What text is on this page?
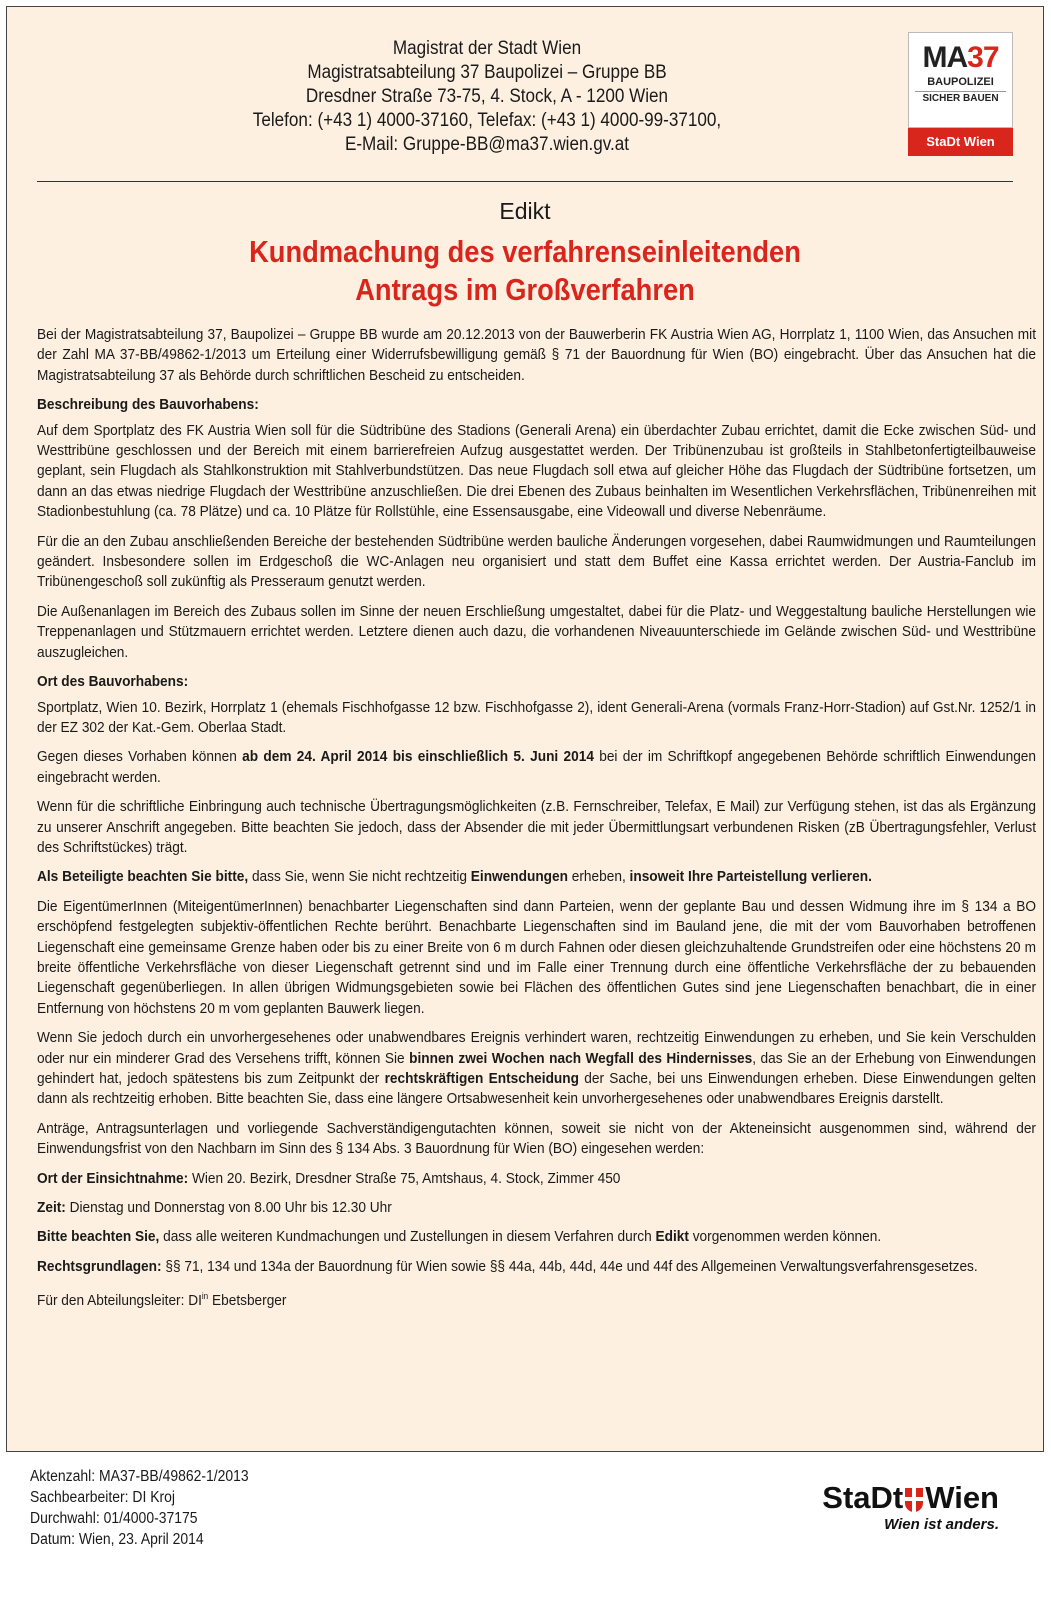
Magistrat der Stadt Wien
Magistratsabteilung 37 Baupolizei – Gruppe BB
Dresdner Straße 73-75, 4. Stock, A - 1200 Wien
Telefon: (+43 1) 4000-37160, Telefax: (+43 1) 4000-99-37100,
E-Mail: Gruppe-BB@ma37.wien.gv.at
MA37
BAUPOLIZEI
SICHER BAUEN
StaDt Wien
Edikt
Kundmachung des verfahrenseinleitenden
Antrags im Großverfahren

Bei der Magistratsabteilung 37, Baupolizei – Gruppe BB wurde am 20.12.2013 von der Bauwerberin FK Austria Wien AG, Horrplatz 1, 1100 Wien, das Ansuchen mit der Zahl MA 37-BB/49862-1/2013 um Erteilung einer Widerrufsbewilligung gemäß § 71 der Bauordnung für Wien (BO) eingebracht. Über das Ansuchen hat die Magistratsabteilung 37 als Behörde durch schriftlichen Bescheid zu entscheiden.

Beschreibung des Bauvorhabens:

Auf dem Sportplatz des FK Austria Wien soll für die Südtribüne des Stadions (Generali Arena) ein überdachter Zubau errichtet, damit die Ecke zwischen Süd- und Westtribüne geschlossen und der Bereich mit einem barrierefreien Aufzug ausgestattet werden. Der Tribünenzubau ist großteils in Stahlbetonfertigteilbauweise geplant, sein Flugdach als Stahlkonstruktion mit Stahlverbundstützen. Das neue Flugdach soll etwa auf gleicher Höhe das Flugdach der Südtribüne fortsetzen, um dann an das etwas niedrige Flugdach der Westtribüne anzuschließen. Die drei Ebenen des Zubaus beinhalten im Wesentlichen Verkehrsflächen, Tribünenreihen mit Stadionbestuhlung (ca. 78 Plätze) und ca. 10 Plätze für Rollstühle, eine Essensausgabe, eine Videowall und diverse Nebenräume.

Für die an den Zubau anschließenden Bereiche der bestehenden Südtribüne werden bauliche Änderungen vorgesehen, dabei Raumwidmungen und Raumteilungen geändert. Insbesondere sollen im Erdgeschoß die WC-Anlagen neu organisiert und statt dem Buffet eine Kassa errichtet werden. Der Austria-Fanclub im Tribünengeschoß soll zukünftig als Presseraum genutzt werden.

Die Außenanlagen im Bereich des Zubaus sollen im Sinne der neuen Erschließung umgestaltet, dabei für die Platz- und Weggestaltung bauliche Herstellungen wie Treppenanlagen und Stützmauern errichtet werden. Letztere dienen auch dazu, die vorhandenen Niveauunterschiede im Gelände zwischen Süd- und Westtribüne auszugleichen.

Ort des Bauvorhabens:

Sportplatz, Wien 10. Bezirk, Horrplatz 1 (ehemals Fischhofgasse 12 bzw. Fischhofgasse 2), ident Generali-Arena (vormals Franz-Horr-Stadion) auf Gst.Nr. 1252/1 in der EZ 302 der Kat.-Gem. Oberlaa Stadt.

Gegen dieses Vorhaben können ab dem 24. April 2014 bis einschließlich 5. Juni 2014 bei der im Schriftkopf angegebenen Behörde schriftlich Einwendungen eingebracht werden.

Wenn für die schriftliche Einbringung auch technische Übertragungsmöglichkeiten (z.B. Fernschreiber, Telefax, E Mail) zur Verfügung stehen, ist das als Ergänzung zu unserer Anschrift angegeben. Bitte beachten Sie jedoch, dass der Absender die mit jeder Übermittlungsart verbundenen Risken (zB Übertragungsfehler, Verlust des Schriftstückes) trägt.

Als Beteiligte beachten Sie bitte, dass Sie, wenn Sie nicht rechtzeitig Einwendungen erheben, insoweit Ihre Parteistellung verlieren.

Die EigentümerInnen (MiteigentümerInnen) benachbarter Liegenschaften sind dann Parteien, wenn der geplante Bau und dessen Widmung ihre im § 134 a BO erschöpfend festgelegten subjektiv-öffentlichen Rechte berührt. Benachbarte Liegenschaften sind im Bauland jene, die mit der vom Bauvorhaben betroffenen Liegenschaft eine gemeinsame Grenze haben oder bis zu einer Breite von 6 m durch Fahnen oder diesen gleichzuhaltende Grundstreifen oder eine höchstens 20 m breite öffentliche Verkehrsfläche von dieser Liegenschaft getrennt sind und im Falle einer Trennung durch eine öffentliche Verkehrsfläche der zu bebauenden Liegenschaft gegenüberliegen. In allen übrigen Widmungsgebieten sowie bei Flächen des öffentlichen Gutes sind jene Liegenschaften benachbart, die in einer Entfernung von höchstens 20 m vom geplanten Bauwerk liegen.

Wenn Sie jedoch durch ein unvorhergesehenes oder unabwendbares Ereignis verhindert waren, rechtzeitig Einwendungen zu erheben, und Sie kein Verschulden oder nur ein minderer Grad des Versehens trifft, können Sie binnen zwei Wochen nach Wegfall des Hindernisses, das Sie an der Erhebung von Einwendungen gehindert hat, jedoch spätestens bis zum Zeitpunkt der rechtskräftigen Entscheidung der Sache, bei uns Einwendungen erheben. Diese Einwendungen gelten dann als rechtzeitig erhoben. Bitte beachten Sie, dass eine längere Ortsabwesenheit kein unvorhergesehenes oder unabwendbares Ereignis darstellt.

Anträge, Antragsunterlagen und vorliegende Sachverständigengutachten können, soweit sie nicht von der Akteneinsicht ausgenommen sind, während der Einwendungsfrist von den Nachbarn im Sinn des § 134 Abs. 3 Bauordnung für Wien (BO) eingesehen werden:

Ort der Einsichtnahme: Wien 20. Bezirk, Dresdner Straße 75, Amtshaus, 4. Stock, Zimmer 450

Zeit: Dienstag und Donnerstag von 8.00 Uhr bis 12.30 Uhr

Bitte beachten Sie, dass alle weiteren Kundmachungen und Zustellungen in diesem Verfahren durch Edikt vorgenommen werden können.

Rechtsgrundlagen: §§ 71, 134 und 134a der Bauordnung für Wien sowie §§ 44a, 44b, 44d, 44e und 44f des Allgemeinen Verwaltungsverfahrensgesetzes.

Für den Abteilungsleiter: $DI^{in}$ Ebetsberger

Aktenzahl: MA37-BB/49862-1/2013
Sachbearbeiter: DI Kroj
Durchwahl: 01/4000-37175
Datum: Wien, 23. April 2014
StaDt Wien
Wien ist anders.
